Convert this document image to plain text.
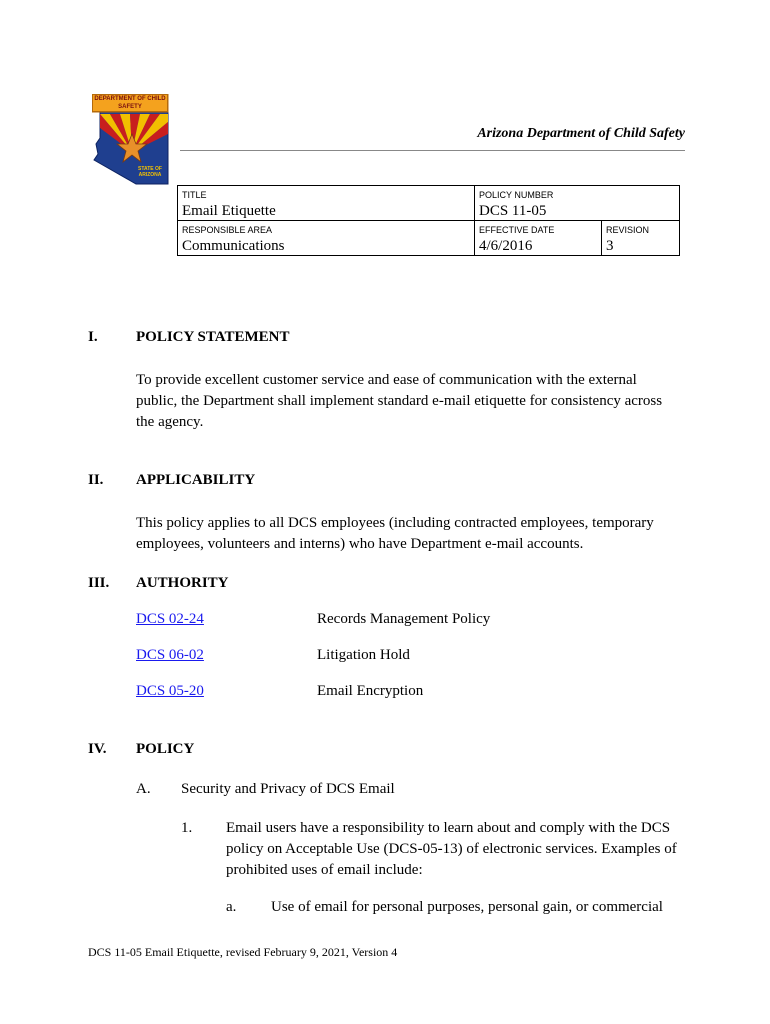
DEPARTMENT OF CHILD SAFETY
STATE OF ARIZONA
Arizona Department of Child Safety
TITLE	POLICY NUMBER	
Email Etiquette	DCS 11-05	
RESPONSIBLE AREA	EFFECTIVE DATE	REVISION
Communications	4/6/2016	3
I.	POLICY STATEMENT
To provide excellent customer service and ease of communication with the external public, the Department shall implement standard e-mail etiquette for consistency across the agency.
II. APPLICABILITY
This policy applies to all DCS employees (including contracted employees, temporary employees, volunteers and interns) who have Department e-mail accounts.
III. AUTHORITY
DCS 02-24	Records Management Policy
DCS 06-02	Litigation Hold
DCS 05-20	Email Encryption
IV. POLICY
A. Security and Privacy of DCS Email
1. Email users have a responsibility to learn about and comply with the DCS policy on Acceptable Use (DCS-05-13) of electronic services. Examples of prohibited uses of email include:
a. Use of email for personal purposes, personal gain, or commercial
DCS 11-05 Email Etiquette, revised February 9, 2021, Version 4
